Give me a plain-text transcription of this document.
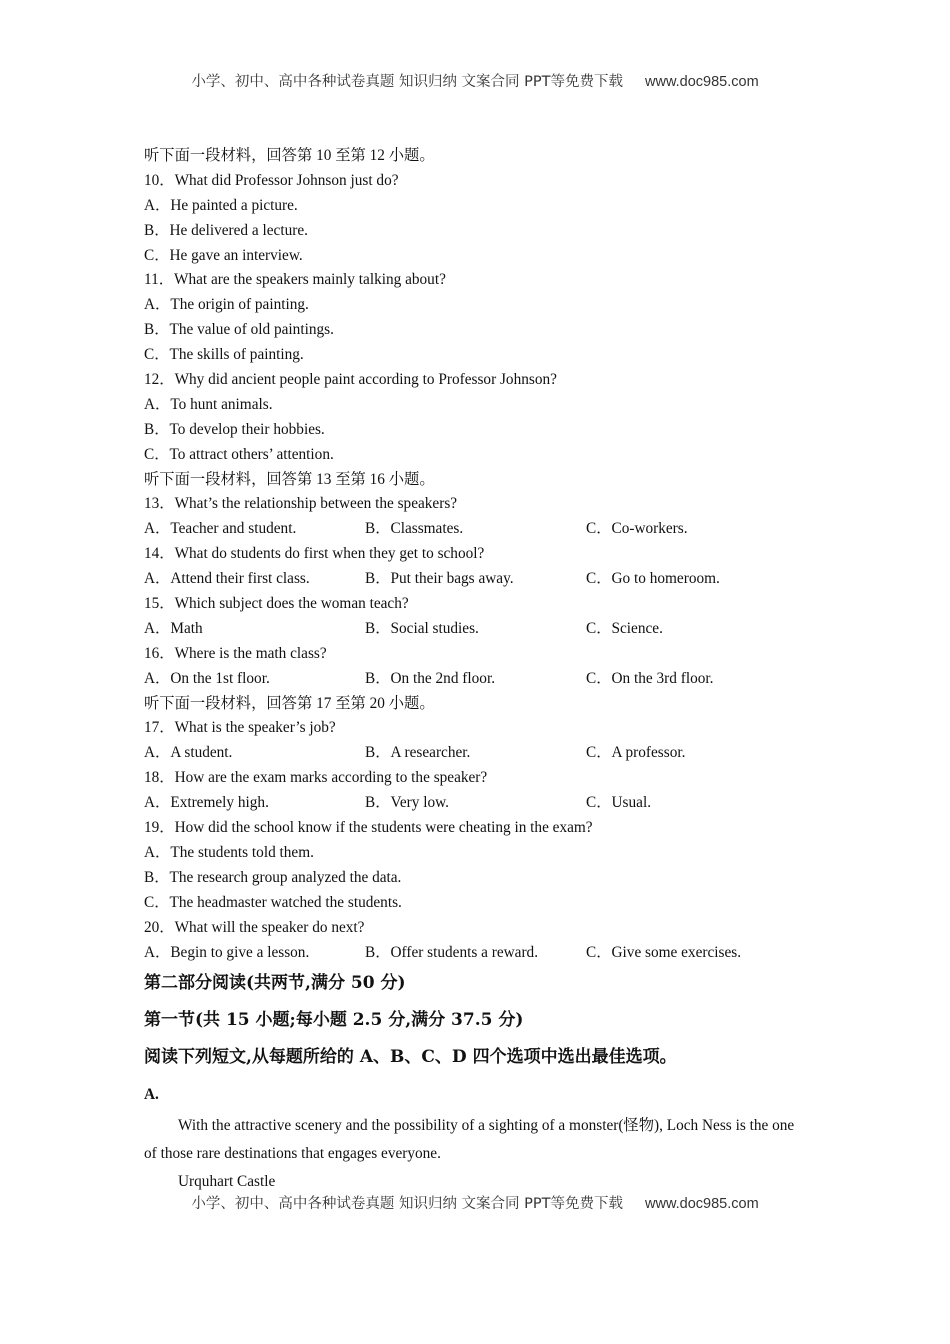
小学、初中、高中各种试卷真题 知识归纳 文案合同 PPT等免费下载 www.doc985.com
听下面一段材料，回答第 10 至第 12 小题。
10．What did Professor Johnson just do?
A．He painted a picture.
B．He delivered a lecture.
C．He gave an interview.
11．What are the speakers mainly talking about?
A．The origin of painting.
B．The value of old paintings.
C．The skills of painting.
12．Why did ancient people paint according to Professor Johnson?
A．To hunt animals.
B．To develop their hobbies.
C．To attract others’ attention.
听下面一段材料，回答第 13 至第 16 小题。
13．What’s the relationship between the speakers?
A．Teacher and student.	B．Classmates.	C．Co-workers.
14．What do students do first when they get to school?
A．Attend their first class.	B．Put their bags away.	C．Go to homeroom.
15．Which subject does the woman teach?
A．Math	B．Social studies.	C．Science.
16．Where is the math class?
A．On the 1st floor.	B．On the 2nd floor.	C．On the 3rd floor.
听下面一段材料，回答第 17 至第 20 小题。
17．What is the speaker’s job?
A．A student.	B．A researcher.	C．A professor.
18．How are the exam marks according to the speaker?
A．Extremely high.	B．Very low.	C．Usual.
19．How did the school know if the students were cheating in the exam?
A．The students told them.
B．The research group analyzed the data.
C．The headmaster watched the students.
20．What will the speaker do next?
A．Begin to give a lesson.	B．Offer students a reward.	C．Give some exercises.
第二部分阅读(共两节,满分 50 分)
第一节(共 15 小题;每小题 2.5 分,满分 37.5 分)
阅读下列短文,从每题所给的 A、B、C、D 四个选项中选出最佳选项。
A.
With the attractive scenery and the possibility of a sighting of a monster(怪物), Loch Ness is the one of those rare destinations that engages everyone.
Urquhart Castle
小学、初中、高中各种试卷真题 知识归纳 文案合同 PPT等免费下载 www.doc985.com
